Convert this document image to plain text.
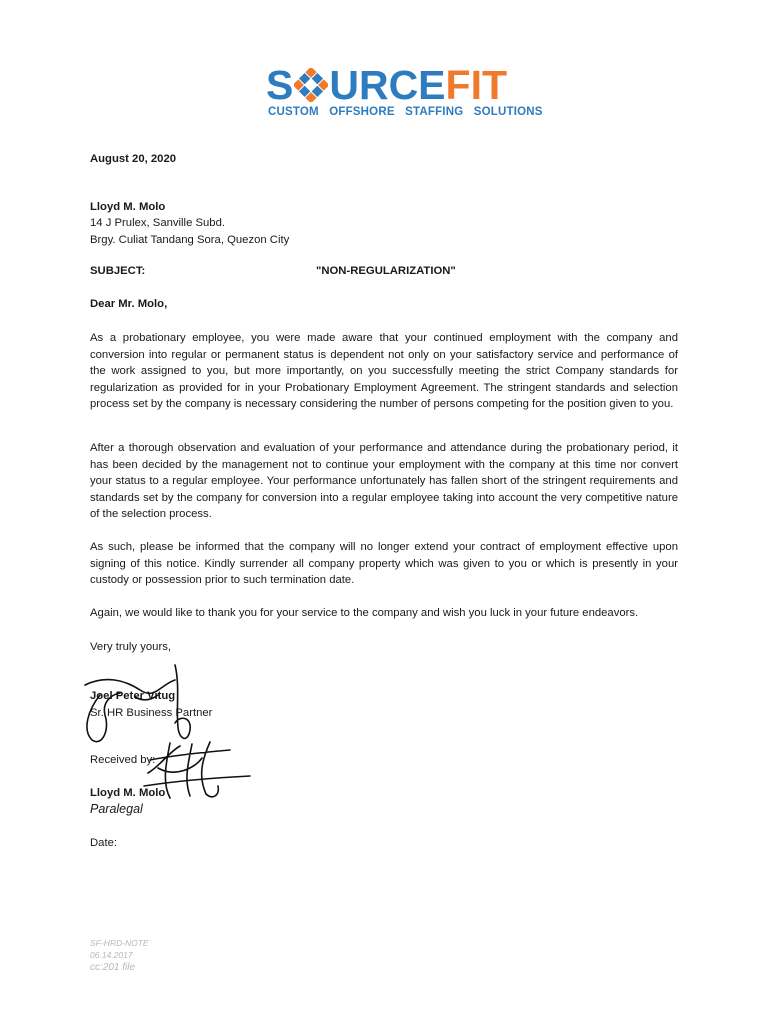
S URCEFIT
CUSTOM OFFSHORE STAFFING SOLUTIONS
August 20, 2020
Lloyd M. Molo
14 J Prulex, Sanville Subd.
Brgy. Culiat Tandang Sora, Quezon City
SUBJECT:	"NON-REGULARIZATION"
Dear Mr. Molo,
As a probationary employee, you were made aware that your continued employment with the company and conversion into regular or permanent status is dependent not only on your satisfactory service and performance of the work assigned to you, but more importantly, on you successfully meeting the strict Company standards for regularization as provided for in your Probationary Employment Agreement. The stringent standards and selection process set by the company is necessary considering the number of persons competing for the position given to you.
After a thorough observation and evaluation of your performance and attendance during the probationary period, it has been decided by the management not to continue your employment with the company at this time nor convert your status to a regular employee. Your performance unfortunately has fallen short of the stringent requirements and standards set by the company for conversion into a regular employee taking into account the very competitive nature of the selection process.
As such, please be informed that the company will no longer extend your contract of employment effective upon signing of this notice. Kindly surrender all company property which was given to you or which is presently in your custody or possession prior to such termination date.
Again, we would like to thank you for your service to the company and wish you luck in your future endeavors.
Very truly yours,
Joel Peter Vitug
Sr. HR Business Partner
Received by:
Lloyd M. Molo
Paralegal
Date:
SF-HRD-NOTE
06.14.2017
cc:201 file
